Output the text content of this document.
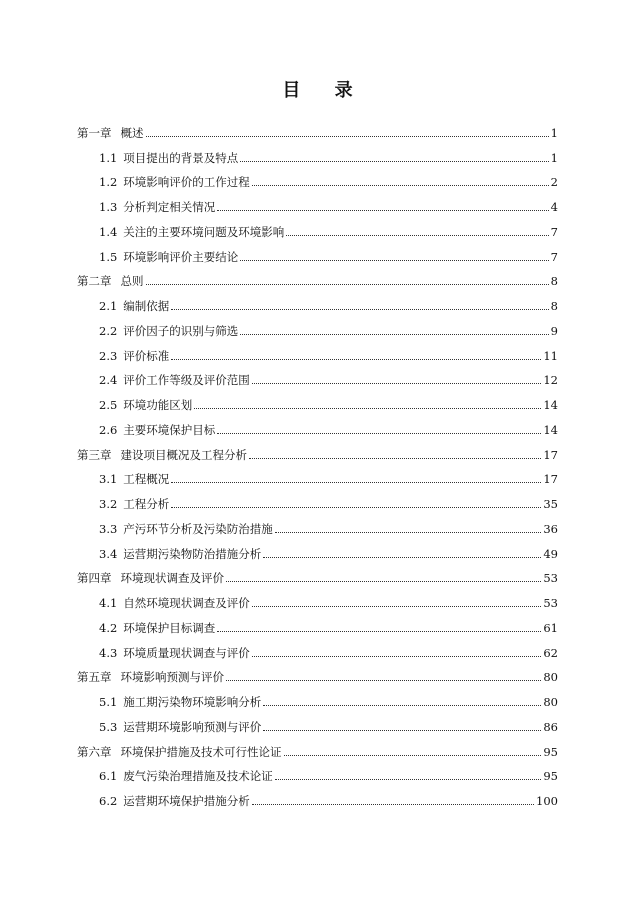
目 录
第一章 概述	1
1.1 项目提出的背景及特点	1
1.2 环境影响评价的工作过程	2
1.3 分析判定相关情况	4
1.4 关注的主要环境问题及环境影响	7
1.5 环境影响评价主要结论	7
第二章 总则	8
2.1 编制依据	8
2.2 评价因子的识别与筛选	9
2.3 评价标准	11
2.4 评价工作等级及评价范围	12
2.5 环境功能区划	14
2.6 主要环境保护目标	14
第三章 建设项目概况及工程分析	17
3.1 工程概况	17
3.2 工程分析	35
3.3 产污环节分析及污染防治措施	36
3.4 运营期污染物防治措施分析	49
第四章 环境现状调查及评价	53
4.1 自然环境现状调查及评价	53
4.2 环境保护目标调查	61
4.3 环境质量现状调查与评价	62
第五章 环境影响预测与评价	80
5.1 施工期污染物环境影响分析	80
5.3 运营期环境影响预测与评价	86
第六章 环境保护措施及技术可行性论证	95
6.1 废气污染治理措施及技术论证	95
6.2 运营期环境保护措施分析	100
